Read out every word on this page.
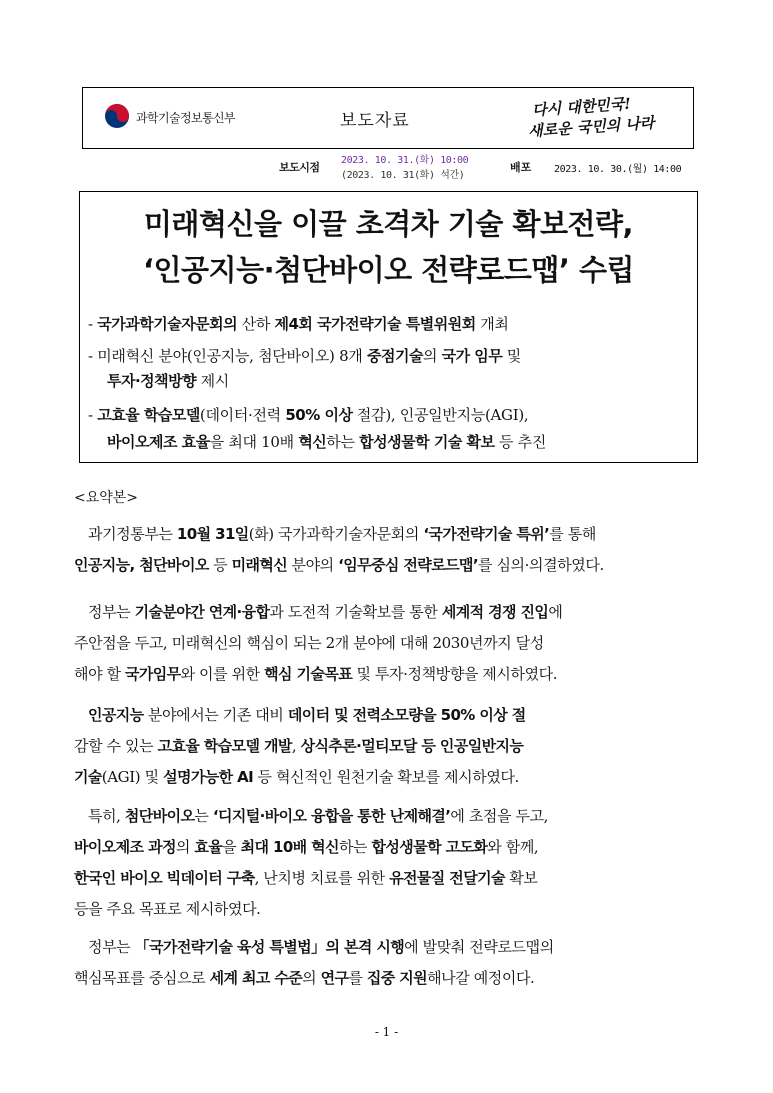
과학기술정보통신부	보도자료
다시 대한민국!
새로운 국민의 나라
보도시점
2023. 10. 31.(화) 10:00
(2023. 10. 31(화) 석간)
배포 2023. 10. 30.(월) 14:00
미래혁신을 이끌 초격차 기술 확보전략,
‘인공지능·첨단바이오 전략로드맵’ 수립
- 국가과학기술자문회의 산하 제4회 국가전략기술 특별위원회 개최
- 미래혁신 분야(인공지능, 첨단바이오) 8개 중점기술의 국가 임무 및
투자·정책방향 제시
- 고효율 학습모델(데이터·전력 50% 이상 절감), 인공일반지능(AGI),
바이오제조 효율을 최대 10배 혁신하는 합성생물학 기술 확보 등 추진
<요약본>
과기정통부는 10월 31일(화) 국가과학기술자문회의 ‘국가전략기술 특위’를 통해
인공지능, 첨단바이오 등 미래혁신 분야의 ‘임무중심 전략로드맵’를 심의·의결하였다.
정부는 기술분야간 연계·융합과 도전적 기술확보를 통한 세계적 경쟁 진입에
주안점을 두고, 미래혁신의 핵심이 되는 2개 분야에 대해 2030년까지 달성
해야 할 국가임무와 이를 위한 핵심 기술목표 및 투자·정책방향을 제시하였다.
인공지능 분야에서는 기존 대비 데이터 및 전력소모량을 50% 이상 절
감할 수 있는 고효율 학습모델 개발, 상식추론·멀티모달 등 인공일반지능
기술(AGI) 및 설명가능한 AI 등 혁신적인 원천기술 확보를 제시하였다.
특히, 첨단바이오는 ‘디지털·바이오 융합을 통한 난제해결’에 초점을 두고,
바이오제조 과정의 효율을 최대 10배 혁신하는 합성생물학 고도화와 함께,
한국인 바이오 빅데이터 구축, 난치병 치료를 위한 유전물질 전달기술 확보
등을 주요 목표로 제시하였다.
정부는 「국가전략기술 육성 특별법」의 본격 시행에 발맞춰 전략로드맵의
핵심목표를 중심으로 세계 최고 수준의 연구를 집중 지원해나갈 예정이다.
- 1 -
